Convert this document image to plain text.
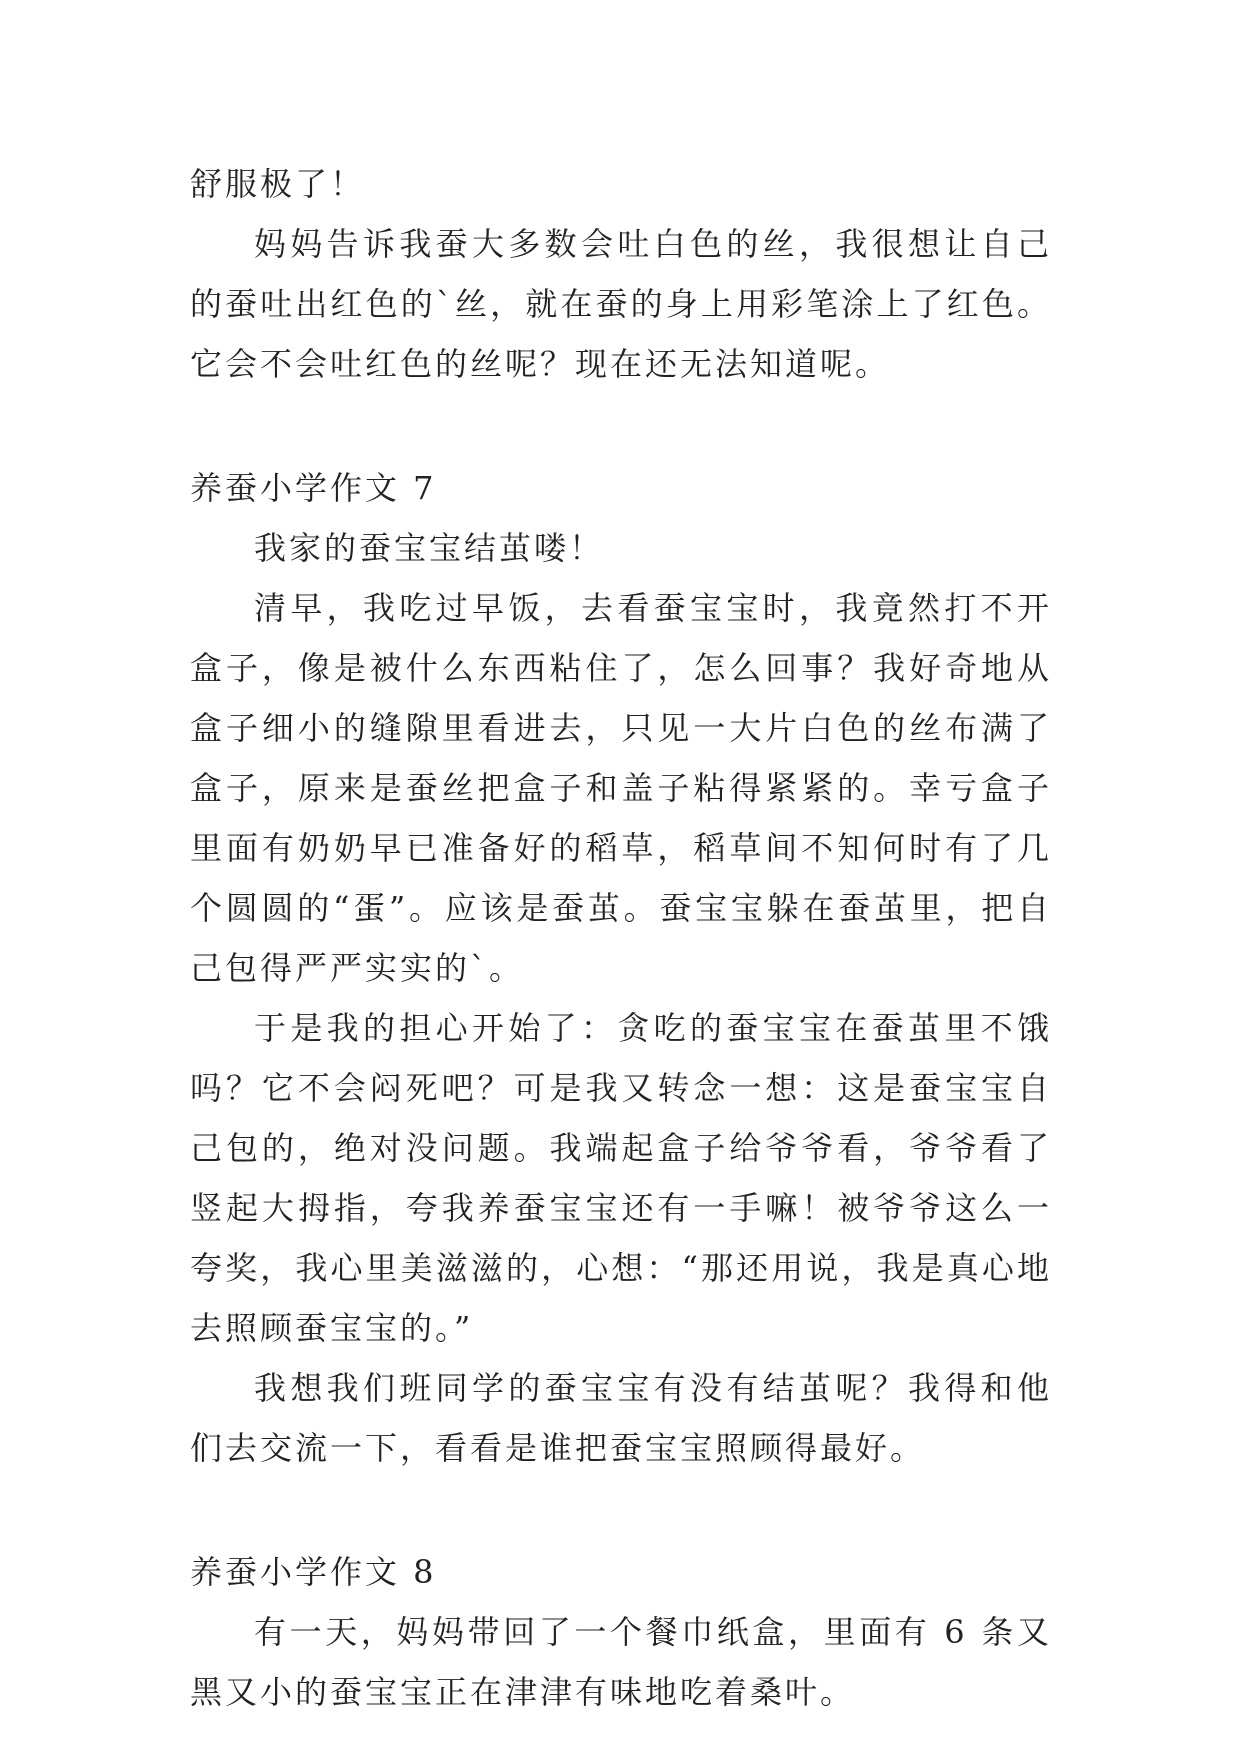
舒服极了！

妈妈告诉我蚕大多数会吐白色的丝，我很想让自己的蚕吐出红色的`丝，就在蚕的身上用彩笔涂上了红色。它会不会吐红色的丝呢？现在还无法知道呢。

养蚕小学作文 7

我家的蚕宝宝结茧喽！

清早，我吃过早饭，去看蚕宝宝时，我竟然打不开盒子，像是被什么东西粘住了，怎么回事？我好奇地从盒子细小的缝隙里看进去，只见一大片白色的丝布满了盒子，原来是蚕丝把盒子和盖子粘得紧紧的。幸亏盒子里面有奶奶早已准备好的稻草，稻草间不知何时有了几个圆圆的“蛋”。应该是蚕茧。蚕宝宝躲在蚕茧里，把自己包得严严实实的`。

于是我的担心开始了：贪吃的蚕宝宝在蚕茧里不饿吗？它不会闷死吧？可是我又转念一想：这是蚕宝宝自己包的，绝对没问题。我端起盒子给爷爷看，爷爷看了竖起大拇指，夸我养蚕宝宝还有一手嘛！被爷爷这么一夸奖，我心里美滋滋的，心想：“那还用说，我是真心地去照顾蚕宝宝的。”

我想我们班同学的蚕宝宝有没有结茧呢？我得和他们去交流一下，看看是谁把蚕宝宝照顾得最好。

养蚕小学作文 8

有一天，妈妈带回了一个餐巾纸盒，里面有 6 条又黑又小的蚕宝宝正在津津有味地吃着桑叶。
